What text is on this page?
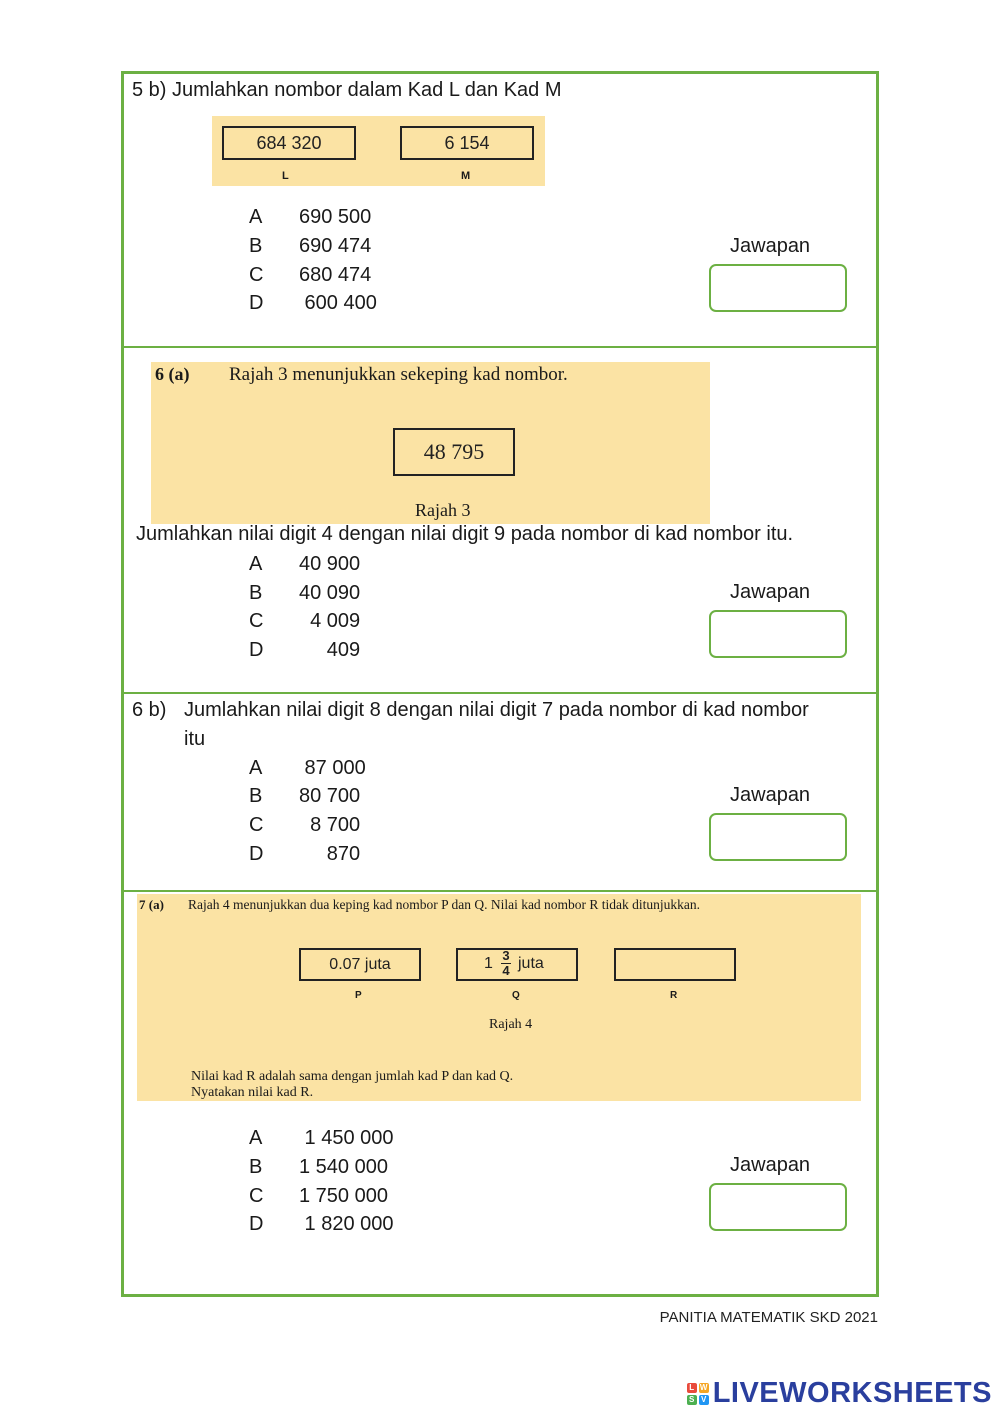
5 b) Jumlahkan nombor dalam Kad L dan Kad M
684 320
L
6 154
M
A 690 500
B 690 474
C 680 474
D 600 400
Jawapan
6 (a) Rajah 3 menunjukkan sekeping kad nombor.
48 795
Rajah 3
Jumlahkan nilai digit 4 dengan nilai digit 9 pada nombor di kad nombor itu.
A 40 900
B 40 090
C 4 009
D 409
Jawapan
6 b) Jumlahkan nilai digit 8 dengan nilai digit 7 pada nombor di kad nombor
itu
A 87 000
B 80 700
C 8 700
D 870
Jawapan
7 (a) Rajah 4 menunjukkan dua keping kad nombor P dan Q. Nilai kad nombor R tidak ditunjukkan.
0.07 juta
P
1 3
4 juta
Q	R
Rajah 4
Nilai kad R adalah sama dengan jumlah kad P dan kad Q.
Nyatakan nilai kad R.
A 1 450 000
B 1 540 000
C 1 750 000
D 1 820 000
Jawapan
PANITIA MATEMATIK SKD 2021
L W
S V LIVEWORKSHEETS
